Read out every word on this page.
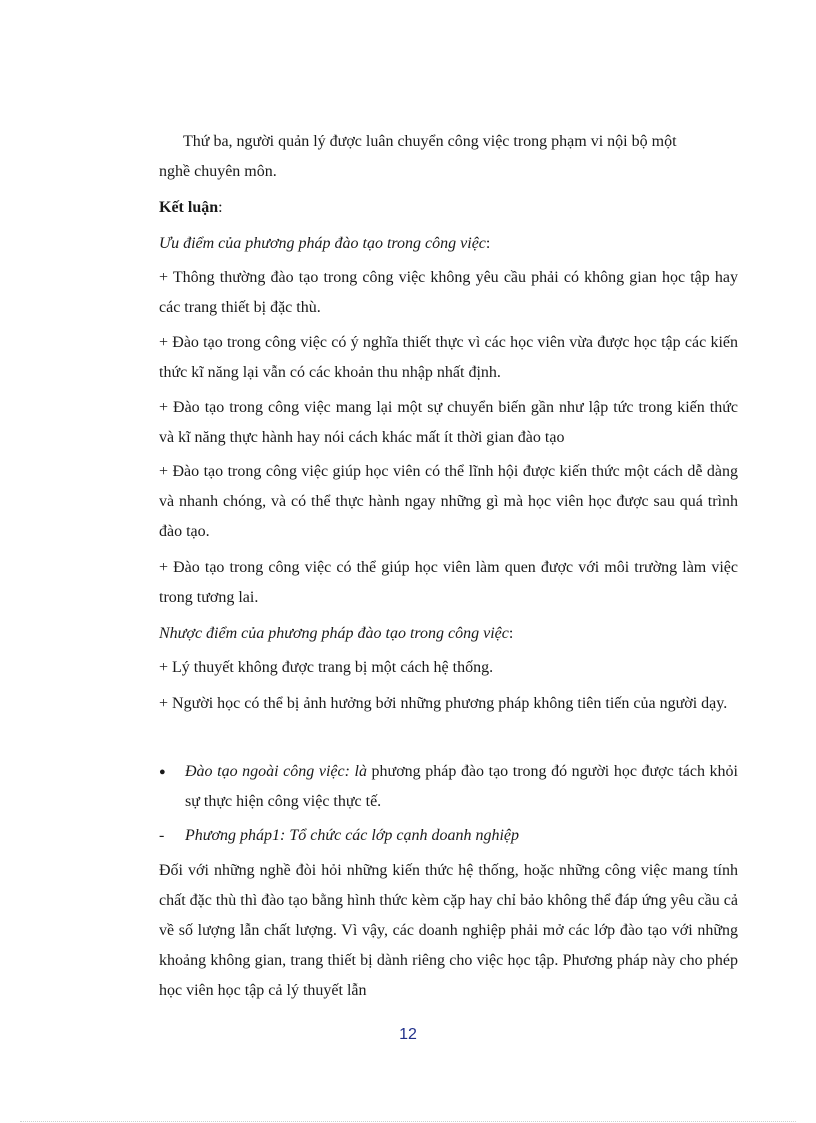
Thứ ba, người quản lý được luân chuyển công việc trong phạm vi nội bộ một
nghề chuyên môn.
Kết luận:
Ưu điểm của phương pháp đào tạo trong công việc:
+ Thông thường đào tạo trong công việc không yêu cầu phải có không gian học tập hay các trang thiết bị đặc thù.
+ Đào tạo trong công việc có ý nghĩa thiết thực vì các học viên vừa được học tập các kiến thức kĩ năng lại vẫn có các khoản thu nhập nhất định.
+ Đào tạo trong công việc mang lại một sự chuyển biến gần như lập tức trong kiến thức và kĩ năng thực hành hay nói cách khác mất ít thời gian đào tạo
+ Đào tạo trong công việc giúp học viên có thể lĩnh hội được kiến thức một cách dễ dàng và nhanh chóng, và có thể thực hành ngay những gì mà học viên học được sau quá trình đào tạo.
+ Đào tạo trong công việc có thể giúp học viên làm quen được với môi trường làm việc trong tương lai.
Nhược điểm của phương pháp đào tạo trong công việc:
+ Lý thuyết không được trang bị một cách hệ thống.
+ Người học có thể bị ảnh hưởng bởi những phương pháp không tiên tiến của người dạy.
●	Đào tạo ngoài công việc: là phương pháp đào tạo trong đó người học được tách khỏi sự thực hiện công việc thực tế.
-	Phương pháp1: Tổ chức các lớp cạnh doanh nghiệp
Đối với những nghề đòi hỏi những kiến thức hệ thống, hoặc những công việc mang tính chất đặc thù thì đào tạo bằng hình thức kèm cặp hay chỉ bảo không thể đáp ứng yêu cầu cả về số lượng lẫn chất lượng. Vì vậy, các doanh nghiệp phải mở các lớp đào tạo với những khoảng không gian, trang thiết bị dành riêng cho việc học tập. Phương pháp này cho phép học viên học tập cả lý thuyết lẫn
12
